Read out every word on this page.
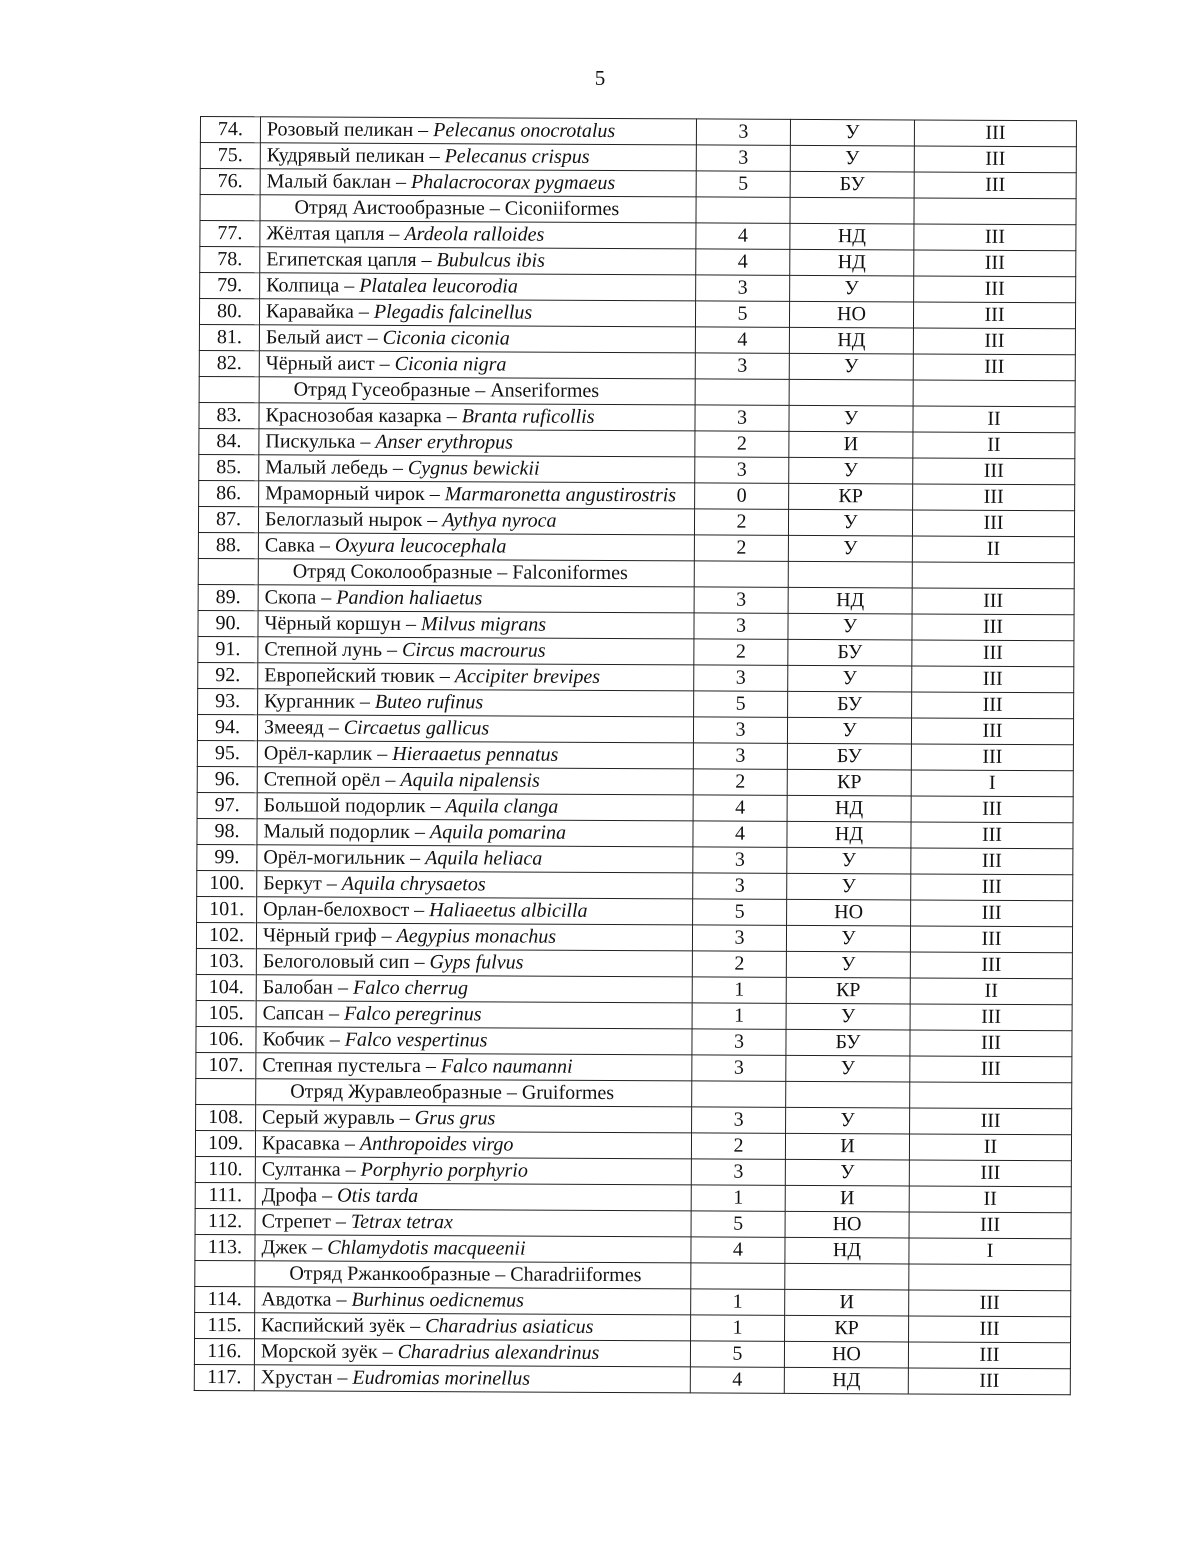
5
74.	Розовый пеликан – Pelecanus onocrotalus	3	У	III
75.	Кудрявый пеликан – Pelecanus crispus	3	У	III
76.	Малый баклан – Phalacrocorax pygmaeus	5	БУ	III
	Отряд Аистообразные – Ciconiiformes			
77.	Жёлтая цапля – Ardeola ralloides	4	НД	III
78.	Египетская цапля – Bubulcus ibis	4	НД	III
79.	Колпица – Platalea leucorodia	3	У	III
80.	Каравайка – Plegadis falcinellus	5	НО	III
81.	Белый аист – Ciconia ciconia	4	НД	III
82.	Чёрный аист – Ciconia nigra	3	У	III
	Отряд Гусеобразные – Anseriformes			
83.	Краснозобая казарка – Branta ruficollis	3	У	II
84.	Пискулька – Anser erythropus	2	И	II
85.	Малый лебедь – Cygnus bewickii	3	У	III
86.	Мраморный чирок – Marmaronetta angustirostris	0	КР	III
87.	Белоглазый нырок – Aythya nyroca	2	У	III
88.	Савка – Oxyura leucocephala	2	У	II
	Отряд Соколообразные – Falconiformes			
89.	Скопа – Pandion haliaetus	3	НД	III
90.	Чёрный коршун – Milvus migrans	3	У	III
91.	Степной лунь – Circus macrourus	2	БУ	III
92.	Европейский тювик – Accipiter brevipes	3	У	III
93.	Курганник – Buteo rufinus	5	БУ	III
94.	Змееяд – Circaetus gallicus	3	У	III
95.	Орёл-карлик – Hieraaetus pennatus	3	БУ	III
96.	Степной орёл – Aquila nipalensis	2	КР	I
97.	Большой подорлик – Aquila clanga	4	НД	III
98.	Малый подорлик – Aquila pomarina	4	НД	III
99.	Орёл-могильник – Aquila heliaca	3	У	III
100.	Беркут – Aquila chrysaetos	3	У	III
101.	Орлан-белохвост – Haliaeetus albicilla	5	НО	III
102.	Чёрный гриф – Aegypius monachus	3	У	III
103.	Белоголовый сип – Gyps fulvus	2	У	III
104.	Балобан – Falco cherrug	1	КР	II
105.	Сапсан – Falco peregrinus	1	У	III
106.	Кобчик – Falco vespertinus	3	БУ	III
107.	Степная пустельга – Falco naumanni	3	У	III
	Отряд Журавлеобразные – Gruiformes			
108.	Серый журавль – Grus grus	3	У	III
109.	Красавка – Anthropoides virgo	2	И	II
110.	Султанка – Porphyrio porphyrio	3	У	III
111.	Дрофа – Otis tarda	1	И	II
112.	Стрепет – Tetrax tetrax	5	НО	III
113.	Джек – Chlamydotis macqueenii	4	НД	I
	Отряд Ржанкообразные – Charadriiformes			
114.	Авдотка – Burhinus oedicnemus	1	И	III
115.	Каспийский зуёк – Charadrius asiaticus	1	КР	III
116.	Морской зуёк – Charadrius alexandrinus	5	НО	III
117.	Хрустан – Eudromias morinellus	4	НД	III
